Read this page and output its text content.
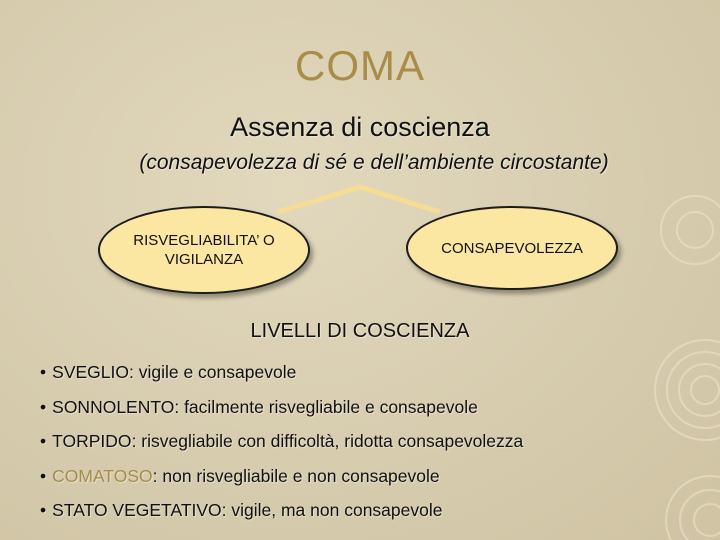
COMA
Assenza di coscienza
(consapevolezza di sé e dell’ambiente circostante)
RISVEGLIABILITA’ O
VIGILANZA
CONSAPEVOLEZZA
LIVELLI DI COSCIENZA
• SVEGLIO: vigile e consapevole
• SONNOLENTO: facilmente risvegliabile e consapevole
• TORPIDO: risvegliabile con difficoltà, ridotta consapevolezza
• COMATOSO: non risvegliabile e non consapevole
• STATO VEGETATIVO: vigile, ma non consapevole
